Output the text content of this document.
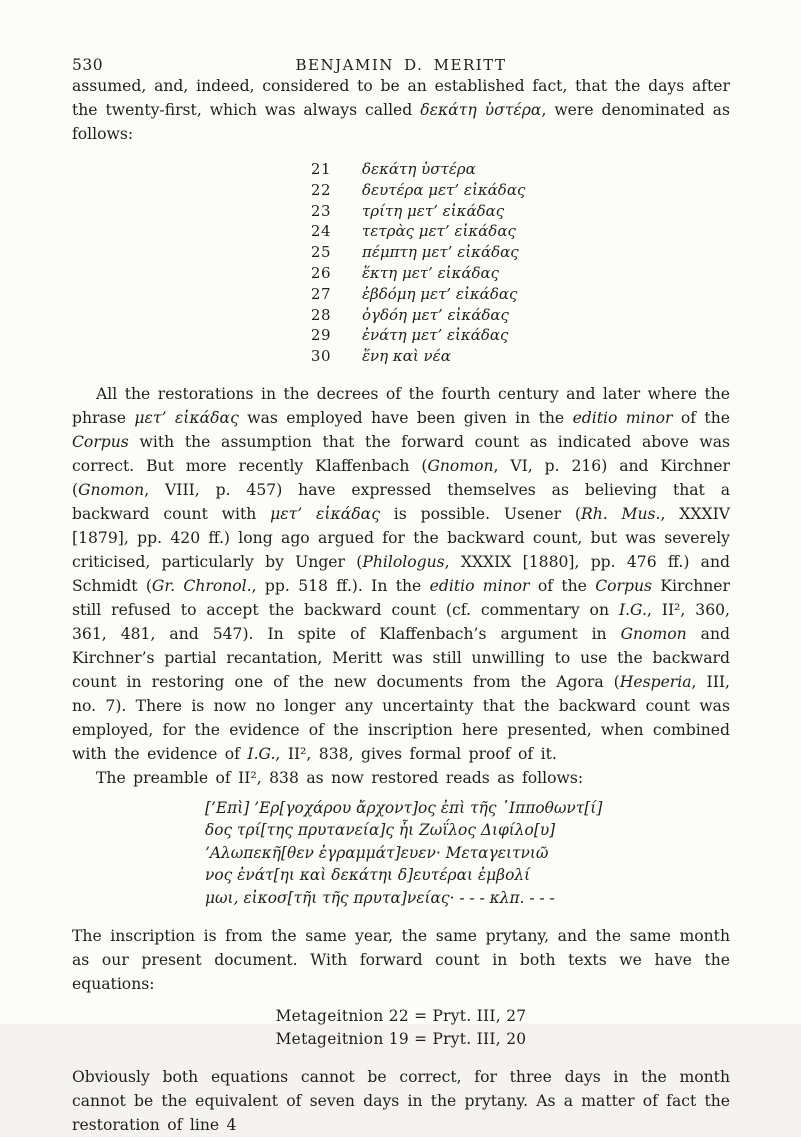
530	BENJAMIN D. MERITT

assumed, and, indeed, considered to be an established fact, that the days after the twenty-first, which was always called δεκάτη ὑστέρα, were denominated as follows:

21 δεκάτη ὑστέρα
22 δευτέρα μετ’ εἰκάδας
23 τρίτη μετ’ εἰκάδας
24 τετρὰς μετ’ εἰκάδας
25 πέμπτη μετ’ εἰκάδας
26 ἕκτη μετ’ εἰκάδας
27 ἑβδόμη μετ’ εἰκάδας
28 ὀγδόη μετ’ εἰκάδας
29 ἐνάτη μετ’ εἰκάδας
30 ἕνη καὶ νέα

All the restorations in the decrees of the fourth century and later where the phrase μετ’ εἰκάδας was employed have been given in the editio minor of the Corpus with the assumption that the forward count as indicated above was correct. But more recently Klaffenbach (Gnomon, VI, p. 216) and Kirchner (Gnomon, VIII, p. 457) have expressed themselves as believing that a backward count with μετ’ εἰκάδας is possible. Usener (Rh. Mus., XXXIV [1879], pp. 420 ff.) long ago argued for the backward count, but was severely criticised, particularly by Unger (Philologus, XXXIX [1880], pp. 476 ff.) and Schmidt (Gr. Chronol., pp. 518 ff.). In the editio minor of the Corpus Kirchner still refused to accept the backward count (cf. commentary on I.G., II², 360, 361, 481, and 547). In spite of Klaffenbach’s argument in Gnomon and Kirchner’s partial recantation, Meritt was still unwilling to use the backward count in restoring one of the new documents from the Agora (Hesperia, III, no. 7). There is now no longer any uncertainty that the backward count was employed, for the evidence of the inscription here presented, when combined with the evidence of I.G., II², 838, gives formal proof of it.

The preamble of II², 838 as now restored reads as follows:

[’Επὶ] ’Ερ[γοχάρου ἄρχοντ]ος ἐπὶ τῆς ῾Ιπποθωντ[ί]
δος τρί[της πρυτανεία]ς ἧι Ζωΐλος Διφίλο[υ]
’Αλωπεκῆ[θεν ἐγραμμάτ]ευεν· Μεταγειτνιῶ
νος ἐνάτ[ηι καὶ δεκάτηι δ]ευτέραι ἐμβολί
μωι, εἰκοσ[τῆι τῆς πρυτα]νείας· - - - κλπ. - - -

The inscription is from the same year, the same prytany, and the same month as our present document. With forward count in both texts we have the equations:

Metageitnion 22 = Pryt. III, 27
Metageitnion 19 = Pryt. III, 20

Obviously both equations cannot be correct, for three days in the month cannot be the equivalent of seven days in the prytany. As a matter of fact the restoration of line 4
